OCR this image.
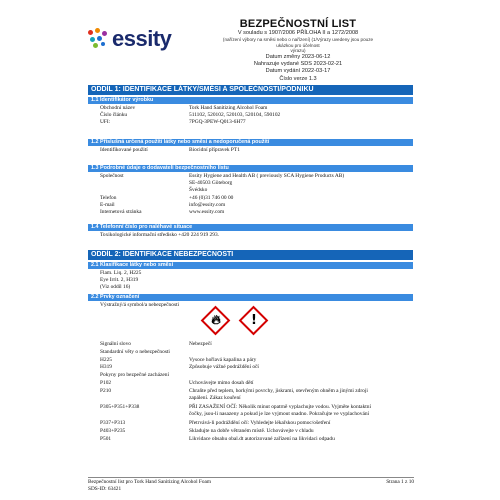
essity
BEZPEČNOSTNÍ LIST
V souladu s 1907/2006 PŘÍLOHA II a 1272/2008
(nařízení výbory na směsi nebo o nařízení) (1/Výrazy uvedeny jsou pouze ukázkou pro účelnost
výrazu)
Datum změny 2023-06-12
Nahrazuje vydané SDS 2023-02-21
Datum vydání 2022-03-17
Číslo verze 1.3
ODDÍL 1: IDENTIFIKACE LÁTKY/SMĚSI A SPOLEČNOSTI/PODNIKU
1.1 Identifikátor výrobku
Obchodní název	Tork Hand Sanitizing Alcohol Foam
Číslo článku	511102, 520102, 520103, 520104, 590102
UFI:	7PGQ-3PEW-Q013-6H77
1.2 Příslušná určená použití látky nebo směsi a nedoporučená použití
Identifikované použití	Biocidní přípravek PT1
1.3 Podrobné údaje o dodavateli bezpečnostního listu
Společnost	Essity Hygiene and Health AB ( previously SCA Hygiene Products AB)
SE-40503 Göteborg
Švédsko
Telefon	+46 (0)31 746 00 00
E-mail	info@essity.com
Internetová stránka	www.essity.com
1.4 Telefonní číslo pro naléhavé situace
Toxikologické informační středisko +420 224 919 293.
ODDÍL 2: IDENTIFIKACE NEBEZPEČNOSTI
2.1 Klasifikace látky nebo směsi
Flam. Liq. 2, H225
Eye Irrit. 2, H319
(Viz oddíl 16)
2.2 Prvky označení
Výstražný/á symbol/a nebezpečnosti
🔥︎	!
Signální slovo	Nebezpečí
Standardní věty o nebezpečnosti
H225	Vysoce hořlavá kapalina a páry
H319	Způsobuje vážné podráždění očí
Pokyny pro bezpečné zacházení
P102	Uchovávejte mimo dosah dětí
P210	Chraňte před teplem, horkými povrchy, jiskrami, otevřeným ohněm a jinými zdroji
zapálení. Zákaz kouření
P305+P351+P338	PŘI ZASAŽENÍ OČÍ: Několik minut opatrně vyplachujte vodou. Vyjměte kontaktní
čočky, jsou-li nasazeny a pokud je lze vyjmout snadno. Pokračujte ve vyplachování
P337+P313	Přetrvává-li podráždění očí: Vyhledejte lékařskou pomoc/ošetření
P403+P235	Skladujte na dobře větraném místě. Uchovávejte v chladu
P501	Likvidace obsahu obal.dt autorizované zařízení na likvidaci odpadu
Bezpečnostní list pro Tork Hand Sanitizing Alcohol Foam	Strana 1 z 10
SDS-ID: 63421
